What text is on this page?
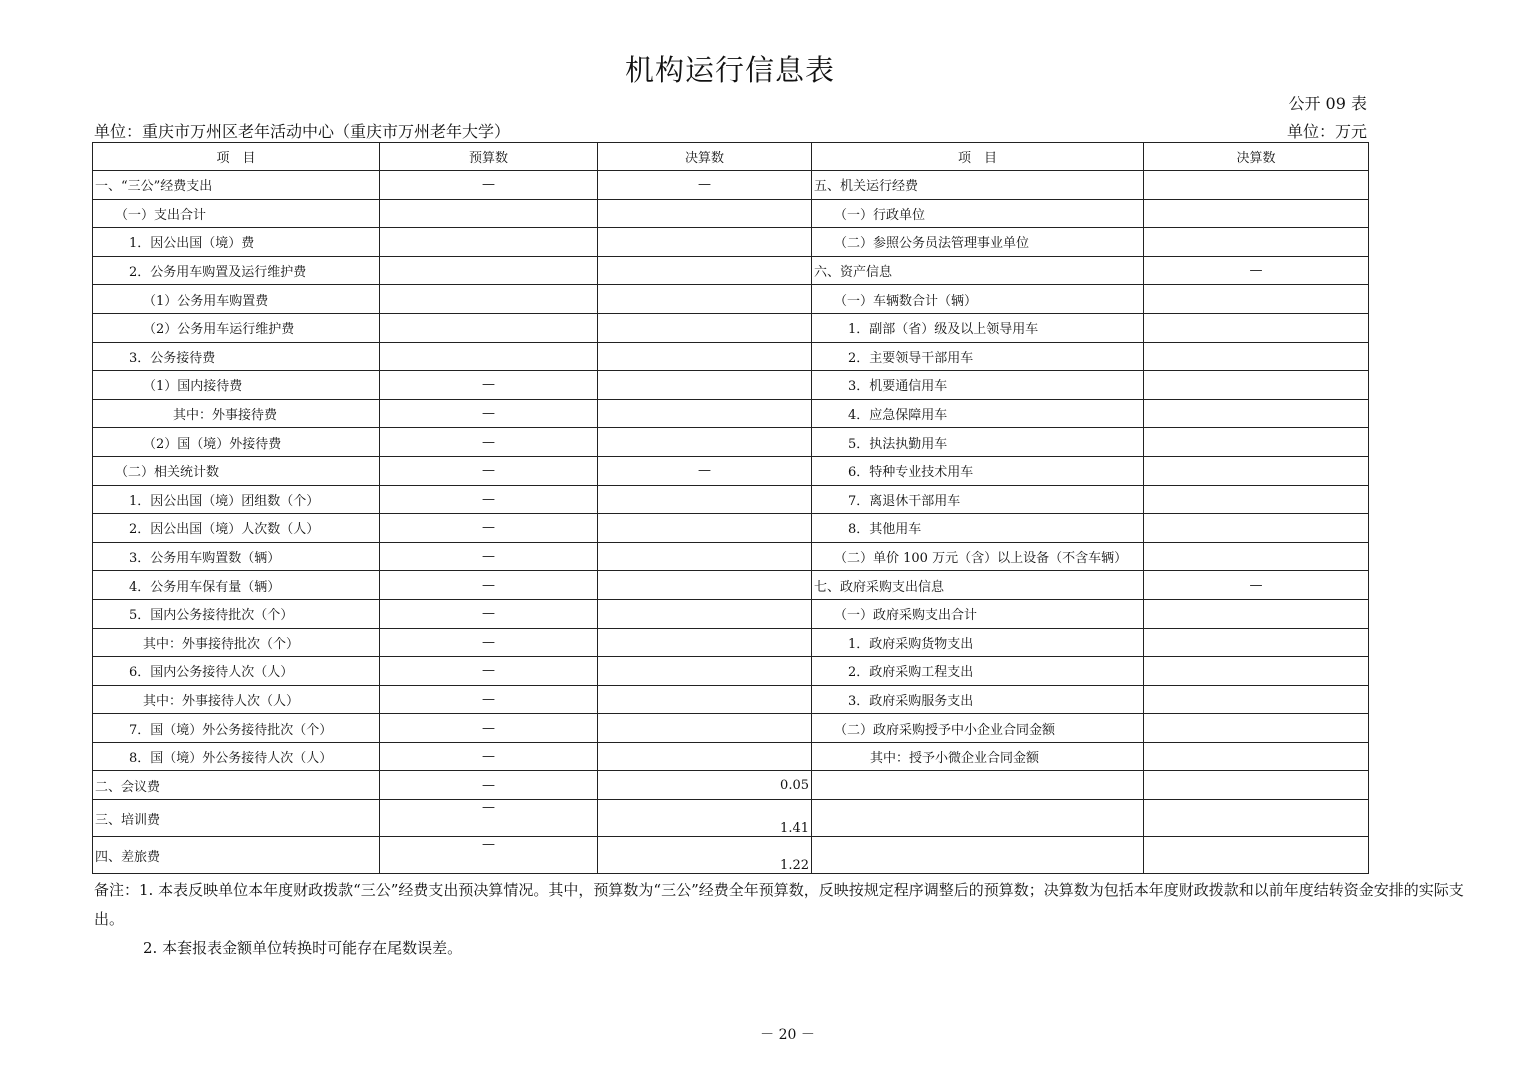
机构运行信息表
公开 09 表
单位：重庆市万州区老年活动中心（重庆市万州老年大学）	单位：万元
项　目	预算数	决算数	项　目	决算数
一、“三公”经费支出	—	—	五、机关运行经费	
（一）支出合计			（一）行政单位	
1．因公出国（境）费			（二）参照公务员法管理事业单位	
2．公务用车购置及运行维护费			六、资产信息	—
（1）公务用车购置费			（一）车辆数合计（辆）	
（2）公务用车运行维护费			1．副部（省）级及以上领导用车	
3．公务接待费			2．主要领导干部用车	
（1）国内接待费	—		3．机要通信用车	
其中：外事接待费	—		4．应急保障用车	
（2）国（境）外接待费	—		5．执法执勤用车	
（二）相关统计数	—	—	6．特种专业技术用车	
1．因公出国（境）团组数（个）	—		7．离退休干部用车	
2．因公出国（境）人次数（人）	—		8．其他用车	
3．公务用车购置数（辆）	—		（二）单价 100 万元（含）以上设备（不含车辆）	
4．公务用车保有量（辆）	—		七、政府采购支出信息	—
5．国内公务接待批次（个）	—		（一）政府采购支出合计	
其中：外事接待批次（个）	—		1．政府采购货物支出	
6．国内公务接待人次（人）	—		2．政府采购工程支出	
其中：外事接待人次（人）	—		3．政府采购服务支出	
7．国（境）外公务接待批次（个）	—		（二）政府采购授予中小企业合同金额	
8．国（境）外公务接待人次（人）	—		其中：授予小微企业合同金额	
二、会议费	—	0.05		
三、培训费	—	1.41		
四、差旅费	—	1.22		

备注：1. 本表反映单位本年度财政拨款“三公”经费支出预决算情况。其中，预算数为“三公”经费全年预算数，反映按规定程序调整后的预算数；决算数为包括本年度财政拨款和以前年度结转资金安排的实际支出。

2. 本套报表金额单位转换时可能存在尾数误差。

－ 20 －
